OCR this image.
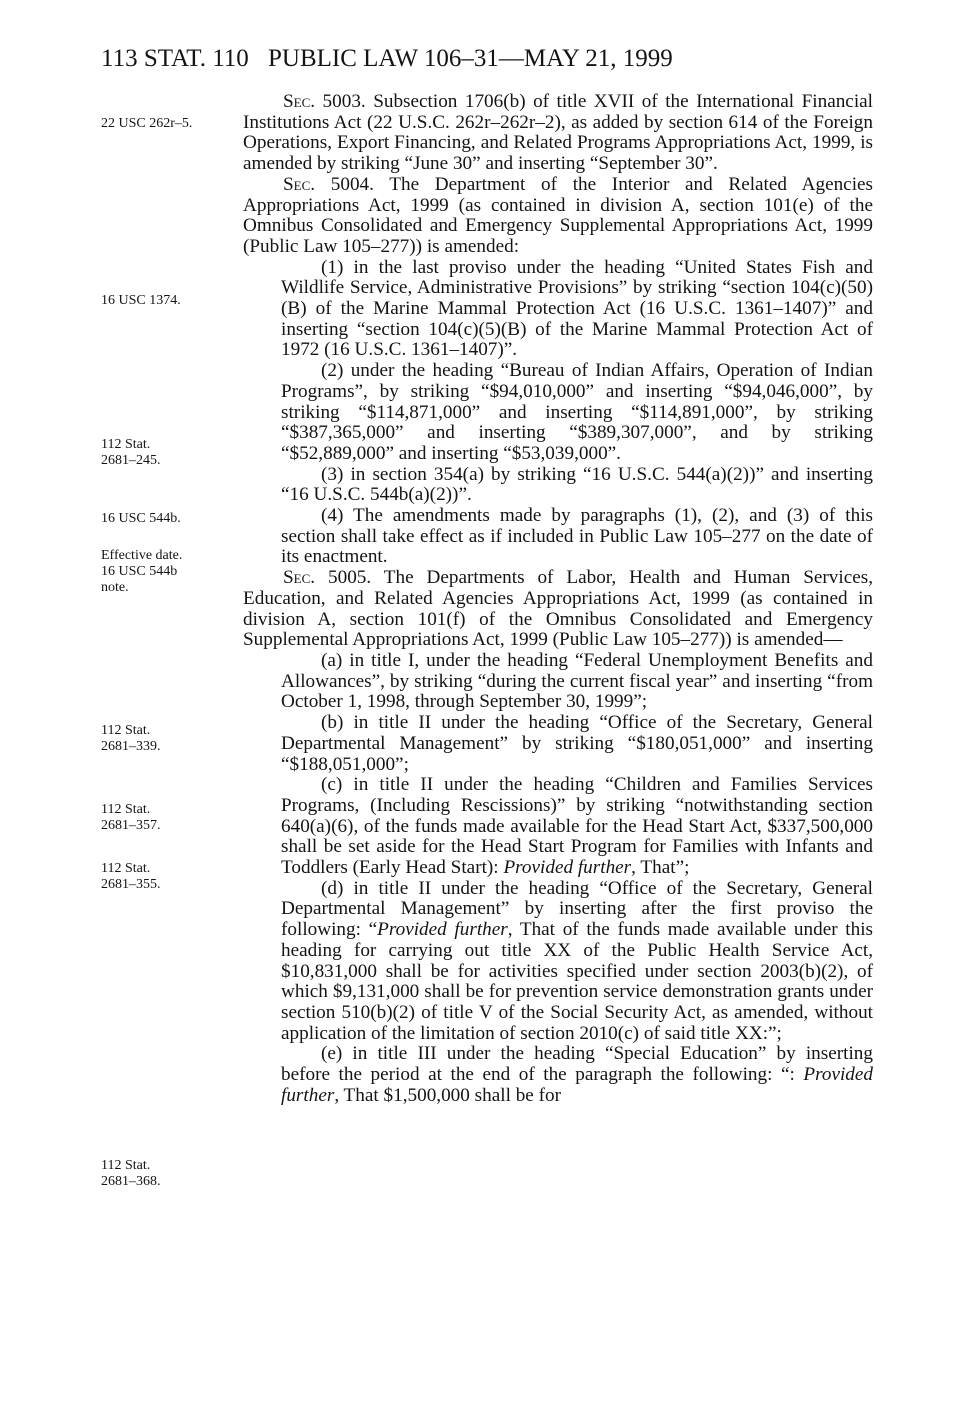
113 STAT. 110 PUBLIC LAW 106–31—MAY 21, 1999
22 USC 262r–5.
16 USC 1374.
112 Stat.
2681–245.
16 USC 544b.
Effective date.
16 USC 544b
note.
112 Stat.
2681–339.
112 Stat.
2681–357.
112 Stat.
2681–355.
112 Stat.
2681–368.

Sec. 5003. Subsection 1706(b) of title XVII of the International Financial Institutions Act (22 U.S.C. 262r–262r–2), as added by section 614 of the Foreign Operations, Export Financing, and Related Programs Appropriations Act, 1999, is amended by striking “June 30” and inserting “September 30”.

Sec. 5004. The Department of the Interior and Related Agencies Appropriations Act, 1999 (as contained in division A, section 101(e) of the Omnibus Consolidated and Emergency Supplemental Appropriations Act, 1999 (Public Law 105–277)) is amended:

(1) in the last proviso under the heading “United States Fish and Wildlife Service, Administrative Provisions” by striking “section 104(c)(50)(B) of the Marine Mammal Protection Act (16 U.S.C. 1361–1407)” and inserting “section 104(c)(5)(B) of the Marine Mammal Protection Act of 1972 (16 U.S.C. 1361–1407)”.

(2) under the heading “Bureau of Indian Affairs, Operation of Indian Programs”, by striking “$94,010,000” and inserting “$94,046,000”, by striking “$114,871,000” and inserting “$114,891,000”, by striking “$387,365,000” and inserting “$389,307,000”, and by striking “$52,889,000” and inserting “$53,039,000”.

(3) in section 354(a) by striking “16 U.S.C. 544(a)(2))” and inserting “16 U.S.C. 544b(a)(2))”.

(4) The amendments made by paragraphs (1), (2), and (3) of this section shall take effect as if included in Public Law 105–277 on the date of its enactment.

Sec. 5005. The Departments of Labor, Health and Human Services, Education, and Related Agencies Appropriations Act, 1999 (as contained in division A, section 101(f) of the Omnibus Consolidated and Emergency Supplemental Appropriations Act, 1999 (Public Law 105–277)) is amended—

(a) in title I, under the heading “Federal Unemployment Benefits and Allowances”, by striking “during the current fiscal year” and inserting “from October 1, 1998, through September 30, 1999”;

(b) in title II under the heading “Office of the Secretary, General Departmental Management” by striking “$180,051,000” and inserting “$188,051,000”;

(c) in title II under the heading “Children and Families Services Programs, (Including Rescissions)” by striking “notwithstanding section 640(a)(6), of the funds made available for the Head Start Act, $337,500,000 shall be set aside for the Head Start Program for Families with Infants and Toddlers (Early Head Start): Provided further, That”;

(d) in title II under the heading “Office of the Secretary, General Departmental Management” by inserting after the first proviso the following: “Provided further, That of the funds made available under this heading for carrying out title XX of the Public Health Service Act, $10,831,000 shall be for activities specified under section 2003(b)(2), of which $9,131,000 shall be for prevention service demonstration grants under section 510(b)(2) of title V of the Social Security Act, as amended, without application of the limitation of section 2010(c) of said title XX:”;

(e) in title III under the heading “Special Education” by inserting before the period at the end of the paragraph the following: “: Provided further, That $1,500,000 shall be for
